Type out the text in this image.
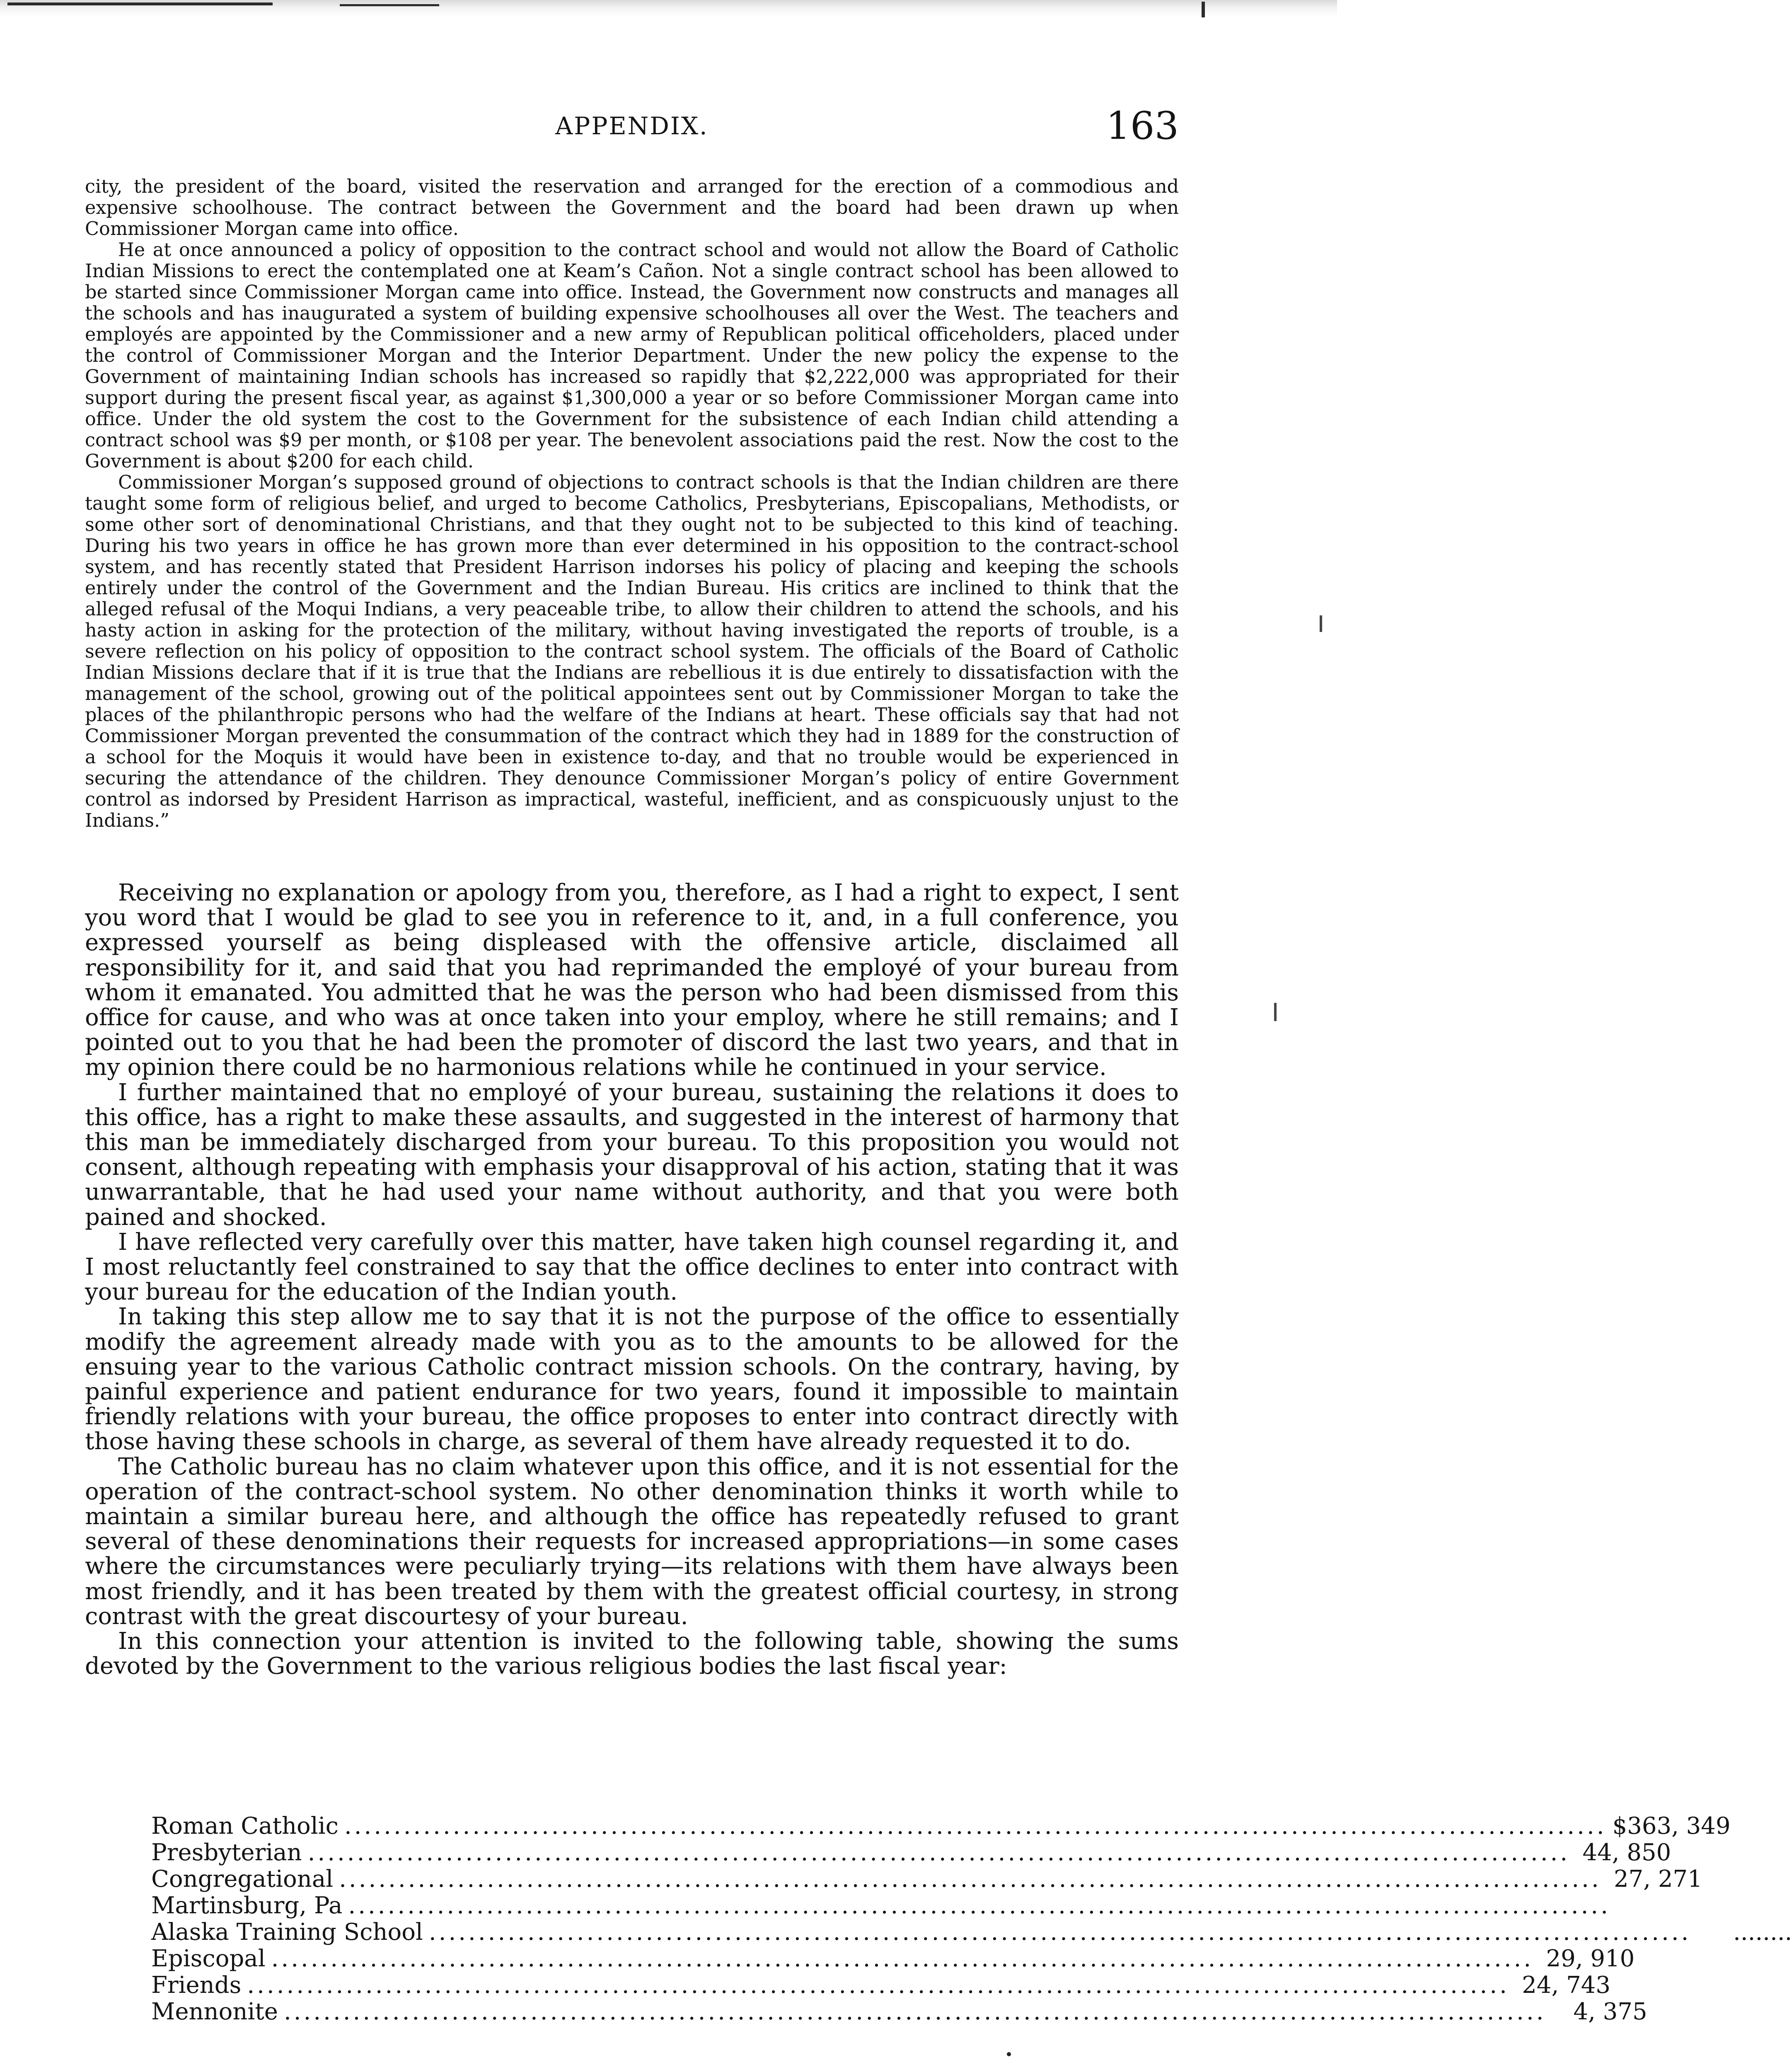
APPENDIX.	163

city, the president of the board, visited the reservation and arranged for the erection of a commodious and expensive schoolhouse. The contract between the Government and the board had been drawn up when Commissioner Morgan came into office.

He at once announced a policy of opposition to the contract school and would not allow the Board of Catholic Indian Missions to erect the contemplated one at Keam’s Cañon. Not a single contract school has been allowed to be started since Commissioner Morgan came into office. Instead, the Government now constructs and manages all the schools and has inaugurated a system of building expensive schoolhouses all over the West. The teachers and employés are appointed by the Commissioner and a new army of Republican political officeholders, placed under the control of Commissioner Morgan and the Interior Department. Under the new policy the expense to the Government of maintaining Indian schools has increased so rapidly that $2,222,000 was appropriated for their support during the present fiscal year, as against $1,300,000 a year or so before Commissioner Morgan came into office. Under the old system the cost to the Government for the subsistence of each Indian child attending a contract school was $9 per month, or $108 per year. The benevolent associations paid the rest. Now the cost to the Government is about $200 for each child.

Commissioner Morgan’s supposed ground of objections to contract schools is that the Indian children are there taught some form of religious belief, and urged to become Catholics, Presbyterians, Episcopalians, Methodists, or some other sort of denominational Christians, and that they ought not to be subjected to this kind of teaching. During his two years in office he has grown more than ever determined in his opposition to the contract-school system, and has recently stated that President Harrison indorses his policy of placing and keeping the schools entirely under the control of the Government and the Indian Bureau. His critics are inclined to think that the alleged refusal of the Moqui Indians, a very peaceable tribe, to allow their children to attend the schools, and his hasty action in asking for the protection of the military, without having investigated the reports of trouble, is a severe reflection on his policy of opposition to the contract school system. The officials of the Board of Catholic Indian Missions declare that if it is true that the Indians are rebellious it is due entirely to dissatisfaction with the management of the school, growing out of the political appointees sent out by Commissioner Morgan to take the places of the philanthropic persons who had the welfare of the Indians at heart. These officials say that had not Commissioner Morgan prevented the consummation of the contract which they had in 1889 for the construction of a school for the Moquis it would have been in existence to-day, and that no trouble would be experienced in securing the attendance of the children. They denounce Commissioner Morgan’s policy of entire Government control as indorsed by President Harrison as impractical, wasteful, inefficient, and as conspicuously unjust to the Indians.”

Receiving no explanation or apology from you, therefore, as I had a right to expect, I sent you word that I would be glad to see you in reference to it, and, in a full conference, you expressed yourself as being displeased with the offensive article, disclaimed all responsibility for it, and said that you had reprimanded the employé of your bureau from whom it emanated. You admitted that he was the person who had been dismissed from this office for cause, and who was at once taken into your employ, where he still remains; and I pointed out to you that he had been the promoter of discord the last two years, and that in my opinion there could be no harmonious relations while he continued in your service.

I further maintained that no employé of your bureau, sustaining the relations it does to this office, has a right to make these assaults, and suggested in the interest of harmony that this man be immediately discharged from your bureau. To this proposition you would not consent, although repeating with emphasis your disapproval of his action, stating that it was unwarrantable, that he had used your name without authority, and that you were both pained and shocked.

I have reflected very carefully over this matter, have taken high counsel regarding it, and I most reluctantly feel constrained to say that the office declines to enter into contract with your bureau for the education of the Indian youth.

In taking this step allow me to say that it is not the purpose of the office to essentially modify the agreement already made with you as to the amounts to be allowed for the ensuing year to the various Catholic contract mission schools. On the contrary, having, by painful experience and patient endurance for two years, found it impossible to maintain friendly relations with your bureau, the office proposes to enter into contract directly with those having these schools in charge, as several of them have already requested it to do.

The Catholic bureau has no claim whatever upon this office, and it is not essential for the operation of the contract-school system. No other denomination thinks it worth while to maintain a similar bureau here, and although the office has repeatedly refused to grant several of these denominations their requests for increased appropriations—in some cases where the circumstances were peculiarly trying—its relations with them have always been most friendly, and it has been treated by them with the greatest official courtesy, in strong contrast with the great discourtesy of your bureau.

In this connection your attention is invited to the following table, showing the sums devoted by the Government to the various religious bodies the last fiscal year:

Roman Catholic ................................................................................................................................ $363, 349
Presbyterian ................................................................................................................................ 44, 850
Congregational ................................................................................................................................ 27, 271
Martinsburg, Pa ................................................................................................................................
Alaska Training School ................................................................................................................................	........
Episcopal ................................................................................................................................ 29, 910
Friends ................................................................................................................................ 24, 743
Mennonite ................................................................................................................................	4, 375
